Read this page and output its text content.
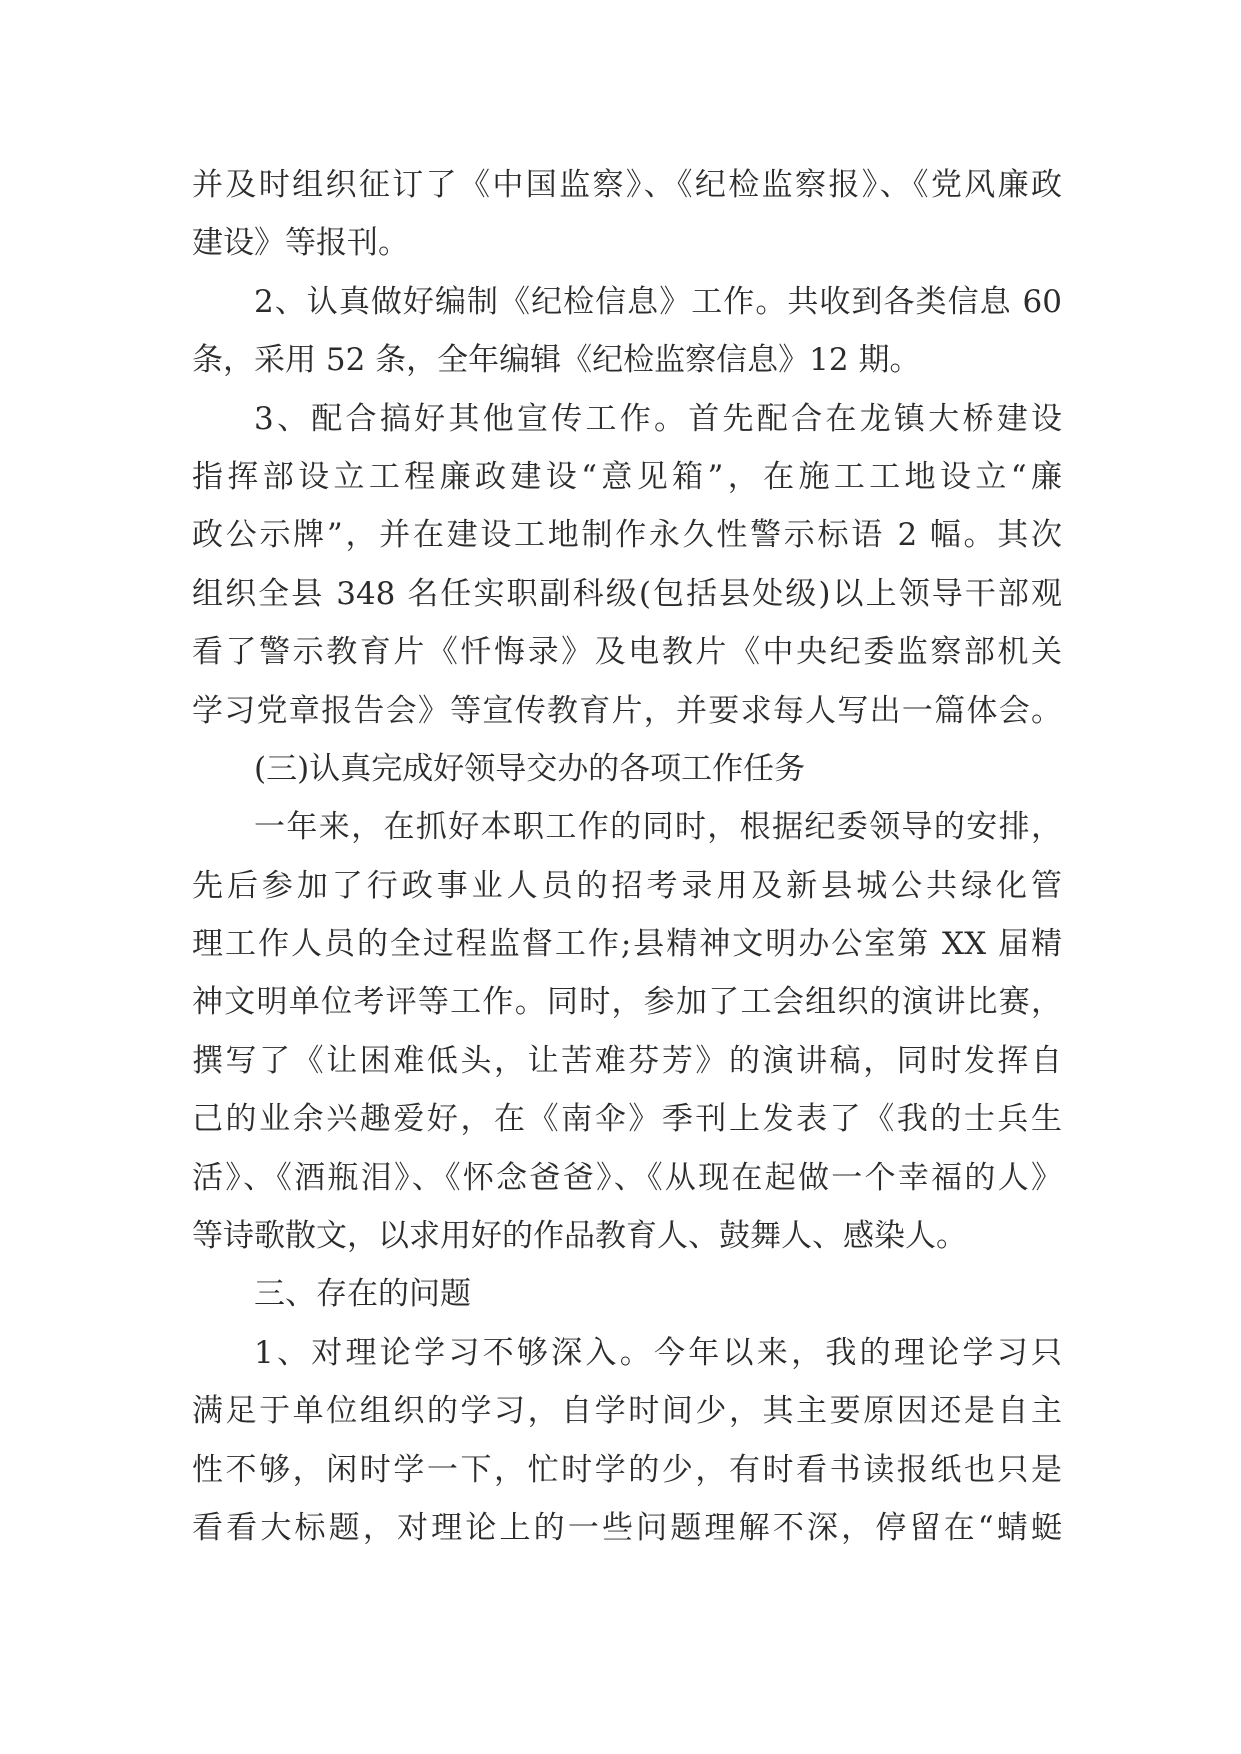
并及时组织征订了《中国监察》、《纪检监察报》、《党风廉政
建设》等报刊。
2、认真做好编制《纪检信息》工作。共收到各类信息 60
条，采用 52 条，全年编辑《纪检监察信息》12 期。
3、配合搞好其他宣传工作。首先配合在龙镇大桥建设
指挥部设立工程廉政建设“意见箱”，在施工工地设立“廉
政公示牌”，并在建设工地制作永久性警示标语 2 幅。其次
组织全县 348 名任实职副科级(包括县处级)以上领导干部观
看了警示教育片《忏悔录》及电教片《中央纪委监察部机关
学习党章报告会》等宣传教育片，并要求每人写出一篇体会。
(三)认真完成好领导交办的各项工作任务
一年来，在抓好本职工作的同时，根据纪委领导的安排，
先后参加了行政事业人员的招考录用及新县城公共绿化管
理工作人员的全过程监督工作;县精神文明办公室第 XX 届精
神文明单位考评等工作。同时，参加了工会组织的演讲比赛，
撰写了《让困难低头，让苦难芬芳》的演讲稿，同时发挥自
己的业余兴趣爱好，在《南伞》季刊上发表了《我的士兵生
活》、《酒瓶泪》、《怀念爸爸》、《从现在起做一个幸福的人》
等诗歌散文，以求用好的作品教育人、鼓舞人、感染人。
三、存在的问题
1、对理论学习不够深入。今年以来，我的理论学习只
满足于单位组织的学习，自学时间少，其主要原因还是自主
性不够，闲时学一下，忙时学的少，有时看书读报纸也只是
看看大标题，对理论上的一些问题理解不深，停留在“蜻蜓
